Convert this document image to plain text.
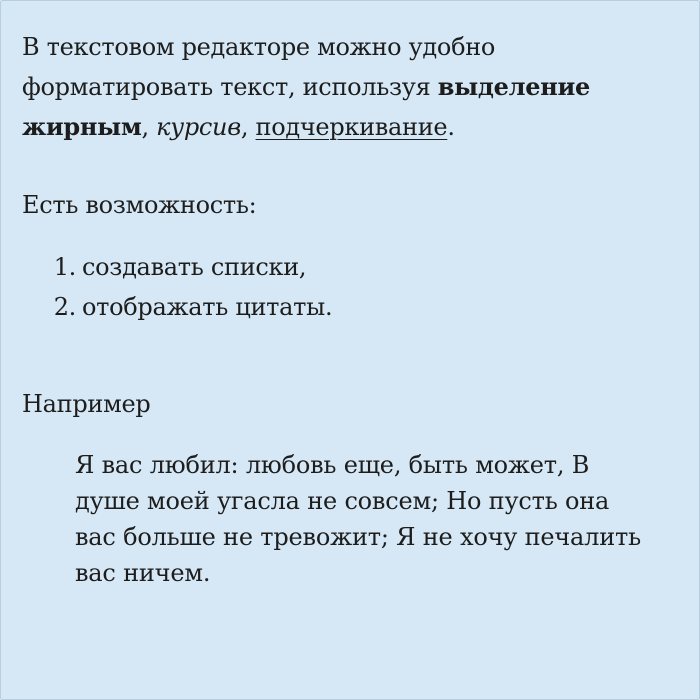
В текстовом редакторе можно удобно форматировать текст, используя выделение жирным, курсив, подчеркивание.

Есть возможность:

1. создавать списки,
2. отображать цитаты.

Например

Я вас любил: любовь еще, быть может, В душе моей угасла не совсем; Но пусть она вас больше не тревожит; Я не хочу печалить вас ничем.
